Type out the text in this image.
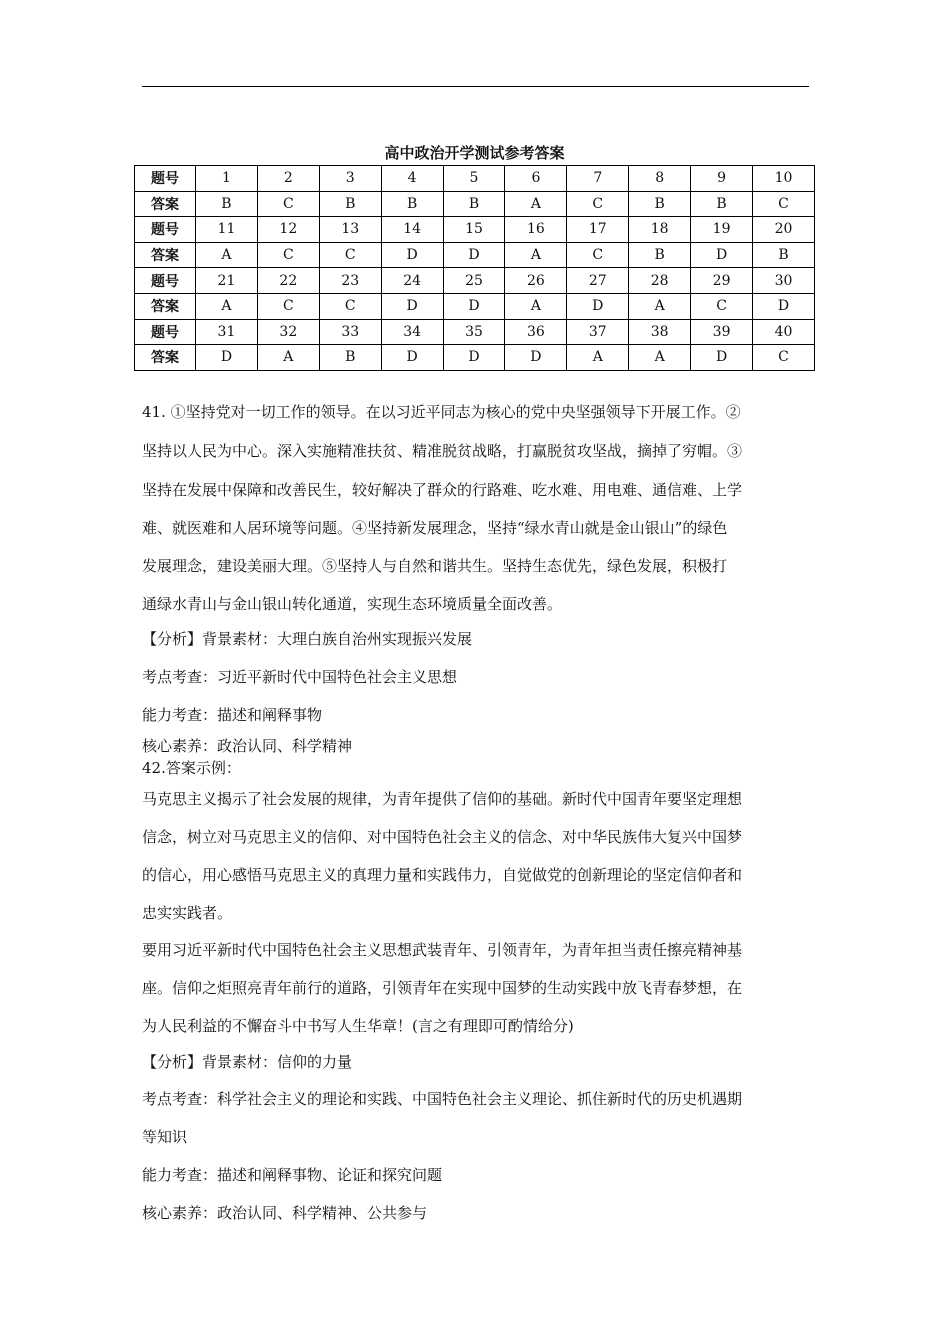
高中政治开学测试参考答案
题号	1	2	3	4	5	6	7	8	9	10
答案	B	C	B	B	B	A	C	B	B	C
题号	11	12	13	14	15	16	17	18	19	20
答案	A	C	C	D	D	A	C	B	D	B
题号	21	22	23	24	25	26	27	28	29	30
答案	A	C	C	D	D	A	D	A	C	D
题号	31	32	33	34	35	36	37	38	39	40
答案	D	A	B	D	D	D	A	A	D	C
41. ①坚持党对一切工作的领导。在以习近平同志为核心的党中央坚强领导下开展工作。②
坚持以人民为中心。深入实施精准扶贫、精准脱贫战略，打赢脱贫攻坚战，摘掉了穷帽。③
坚持在发展中保障和改善民生，较好解决了群众的行路难、吃水难、用电难、通信难、上学
难、就医难和人居环境等问题。④坚持新发展理念，坚持“绿水青山就是金山银山”的绿色
发展理念，建设美丽大理。⑤坚持人与自然和谐共生。坚持生态优先，绿色发展，积极打
通绿水青山与金山银山转化通道，实现生态环境质量全面改善。
【分析】背景素材：大理白族自治州实现振兴发展
考点考查：习近平新时代中国特色社会主义思想
能力考查：描述和阐释事物
核心素养：政治认同、科学精神
42.答案示例：
马克思主义揭示了社会发展的规律，为青年提供了信仰的基础。新时代中国青年要坚定理想
信念，树立对马克思主义的信仰、对中国特色社会主义的信念、对中华民族伟大复兴中国梦
的信心，用心感悟马克思主义的真理力量和实践伟力，自觉做党的创新理论的坚定信仰者和
忠实实践者。
要用习近平新时代中国特色社会主义思想武装青年、引领青年，为青年担当责任擦亮精神基
座。信仰之炬照亮青年前行的道路，引领青年在实现中国梦的生动实践中放飞青春梦想，在
为人民利益的不懈奋斗中书写人生华章！(言之有理即可酌情给分)
【分析】背景素材：信仰的力量
考点考查：科学社会主义的理论和实践、中国特色社会主义理论、抓住新时代的历史机遇期
等知识
能力考查：描述和阐释事物、论证和探究问题
核心素养：政治认同、科学精神、公共参与
